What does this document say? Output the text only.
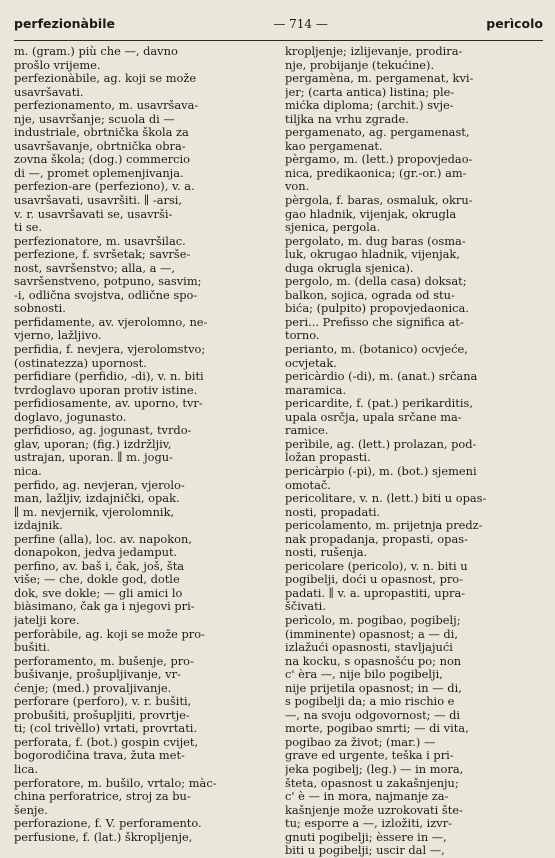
perfezionàbile	— 714 —	perìcolo
m. (gram.) più che —, davno
prošlo vrijeme.
perfezionàbile, ag. koji se može
usavršavati.
perfezionamento, m. usavršava-
nje, usavršanje; scuola di —
industriale, obrtnička škola za
usavršavanje, obrtnička obra-
zovna škola; (dog.) commercio
di —, promet oplemenjivanja.
perfezion-are (perfeziono), v. a.
usavršavati, usavršiti. ∥ -arsi,
v. r. usavršavati se, usavrši-
ti se.
perfezionatore, m. usavršilac.
perfezione, f. svršetak; savrše-
nost, savršenstvo; alla, a —,
savršenstveno, potpuno, sasvim;
-i, odlična svojstva, odlične spo-
sobnosti.
perfidamente, av. vjerolomno, ne-
vjerno, lažljivo.
perfidia, f. nevjera, vjerolomstvo;
(ostinatezza) upornost.
perfidiare (perfidio, -di), v. n. biti
tvrdoglavo uporan protiv istine.
perfidiosamente, av. uporno, tvr-
doglavo, jogunasto.
perfidioso, ag. jogunast, tvrdo-
glav, uporan; (fig.) izdržljiv,
ustrajan, uporan. ∥ m. jogu-
nica.
perfido, ag. nevjeran, vjerolo-
man, lažljiv, izdajnički, opak.
∥ m. nevjernik, vjerolomnik,
izdajnik.
perfine (alla), loc. av. napokon,
donapokon, jedva jedamput.
perfino, av. baš i, čak, još, šta
više; — che, dokle god, dotle
dok, sve dokle; — gli amici lo
biàsimano, čak ga i njegovi pri-
jatelji kore.
perforàbile, ag. koji se može pro-
bušiti.
perforamento, m. bušenje, pro-
bušivanje, prošupljivanje, vr-
ćenje; (med.) provaljivanje.
perforare (perforo), v. r. bušiti,
probušiti, prošupljiti, provrtje-
ti; (col trivèllo) vrtati, provrtati.
perforata, f. (bot.) gospin cvijet,
bogorodičina trava, žuta met-
lica.
perforatore, m. bušilo, vrtalo; màc-
china perforatrice, stroj za bu-
šenje.
perforazione, f. V. perforamento.
perfusione, f. (lat.) škropljenje,
kropljenje; izlijevanje, prodira-
nje, probijanje (tekućine).
pergamèna, m. pergamenat, kvi-
jer; (carta antica) listina; ple-
mićka diploma; (archit.) svje-
tiljka na vrhu zgrade.
pergamenato, ag. pergamenast,
kao pergamenat.
pèrgamo, m. (lett.) propovjedao-
nica, predikaonica; (gr.-or.) am-
von.
pèrgola, f. baras, osmaluk, okru-
gao hladnik, vijenjak, okrugla
sjenica, pergola.
pergolato, m. dug baras (osma-
luk, okrugao hladnik, vijenjak,
duga okrugla sjenica).
pergolo, m. (della casa) doksat;
balkon, sojica, ograda od stu-
bića; (pulpito) propovjedaonica.
peri... Prefisso che significa at-
torno.
perianto, m. (botanico) ocvjeće,
ocvjetak.
pericàrdio (-di), m. (anat.) srčana
maramica.
pericardite, f. (pat.) perikarditis,
upala osrčja, upala srčane ma-
ramice.
perìbile, ag. (lett.) prolazan, pod-
ložan propasti.
pericàrpio (-pi), m. (bot.) sjemeni
omotač.
pericolitare, v. n. (lett.) biti u opas-
nosti, propadati.
pericolamento, m. prijetnja predz-
nak propadanja, propasti, opas-
nosti, rušenja.
pericolare (pericolo), v. n. biti u
pogibelji, doći u opasnost, pro-
padati. ∥ v. a. upropastiti, upra-
ščivati.
perìcolo, m. pogibao, pogibelj;
(imminente) opasnost; a — di,
izlažući opasnosti, stavljajući
na kocku, s opasnošću po; non
c' èra —, nije bilo pogibelji,
nije prijetila opasnost; in — di,
s pogibelji da; a mio rischio e
—, na svoju odgovornost; — di
morte, pogibao smrti; — di vita,
pogibao za život; (mar.) —
grave ed urgente, teška i pri-
jeka pogibelj; (leg.) — in mora,
šteta, opasnost u zakašnjenju;
c' è — in mora, najmanje za-
kašnjenje može uzrokovati šte-
tu; esporre a —, izložiti, izvr-
gnuti pogibelji; èssere in —,
biti u pogibelji; uscir dal —,
